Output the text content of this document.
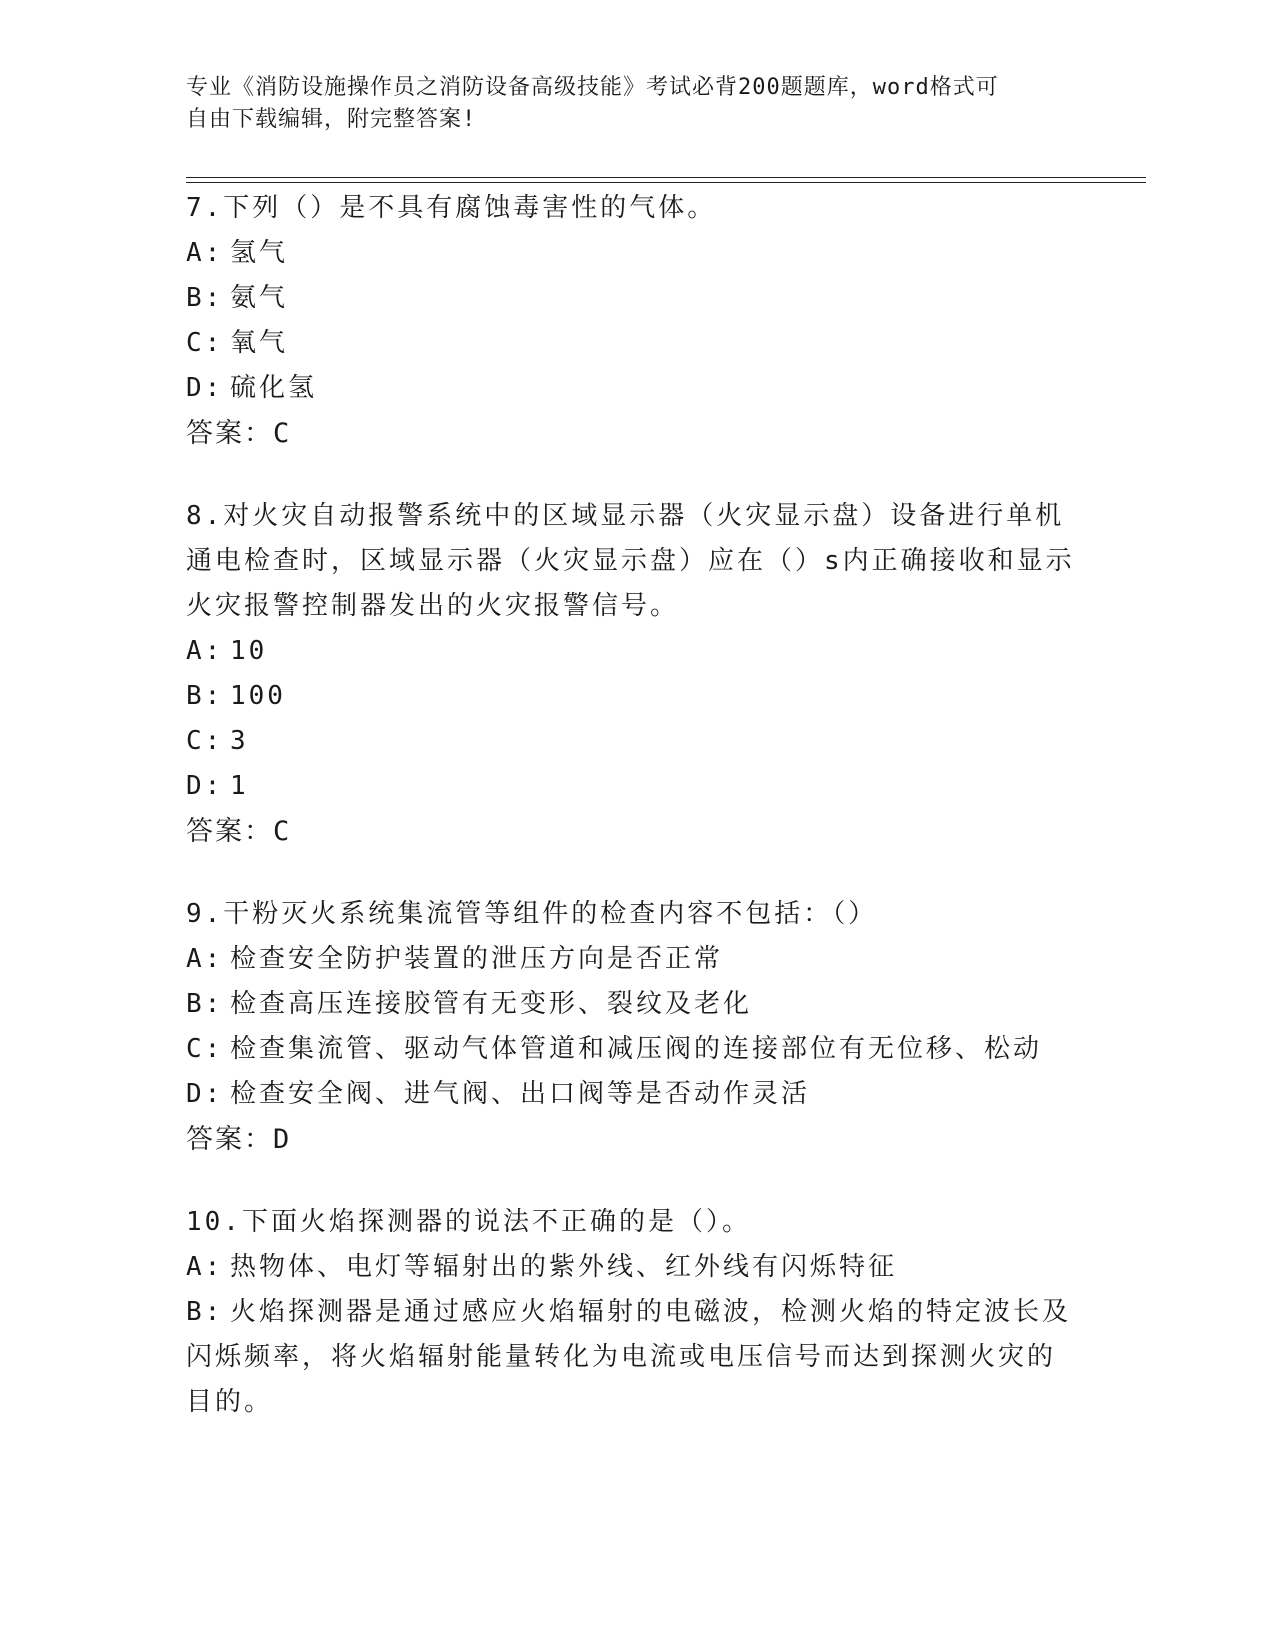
专业《消防设施操作员之消防设备高级技能》考试必背200题题库，word格式可
自由下载编辑，附完整答案!
7.下列（）是不具有腐蚀毒害性的气体。
A: 氢气
B: 氨气
C: 氧气
D: 硫化氢
答案：C
8.对火灾自动报警系统中的区域显示器（火灾显示盘）设备进行单机
通电检查时，区域显示器（火灾显示盘）应在（）s内正确接收和显示
火灾报警控制器发出的火灾报警信号。
A: 10
B: 100
C: 3
D: 1
答案：C
9.干粉灭火系统集流管等组件的检查内容不包括：（）
A: 检查安全防护装置的泄压方向是否正常
B: 检查高压连接胶管有无变形、裂纹及老化
C: 检查集流管、驱动气体管道和减压阀的连接部位有无位移、松动
D: 检查安全阀、进气阀、出口阀等是否动作灵活
答案：D
10.下面火焰探测器的说法不正确的是（）。
A: 热物体、电灯等辐射出的紫外线、红外线有闪烁特征
B: 火焰探测器是通过感应火焰辐射的电磁波，检测火焰的特定波长及
闪烁频率，将火焰辐射能量转化为电流或电压信号而达到探测火灾的
目的。
